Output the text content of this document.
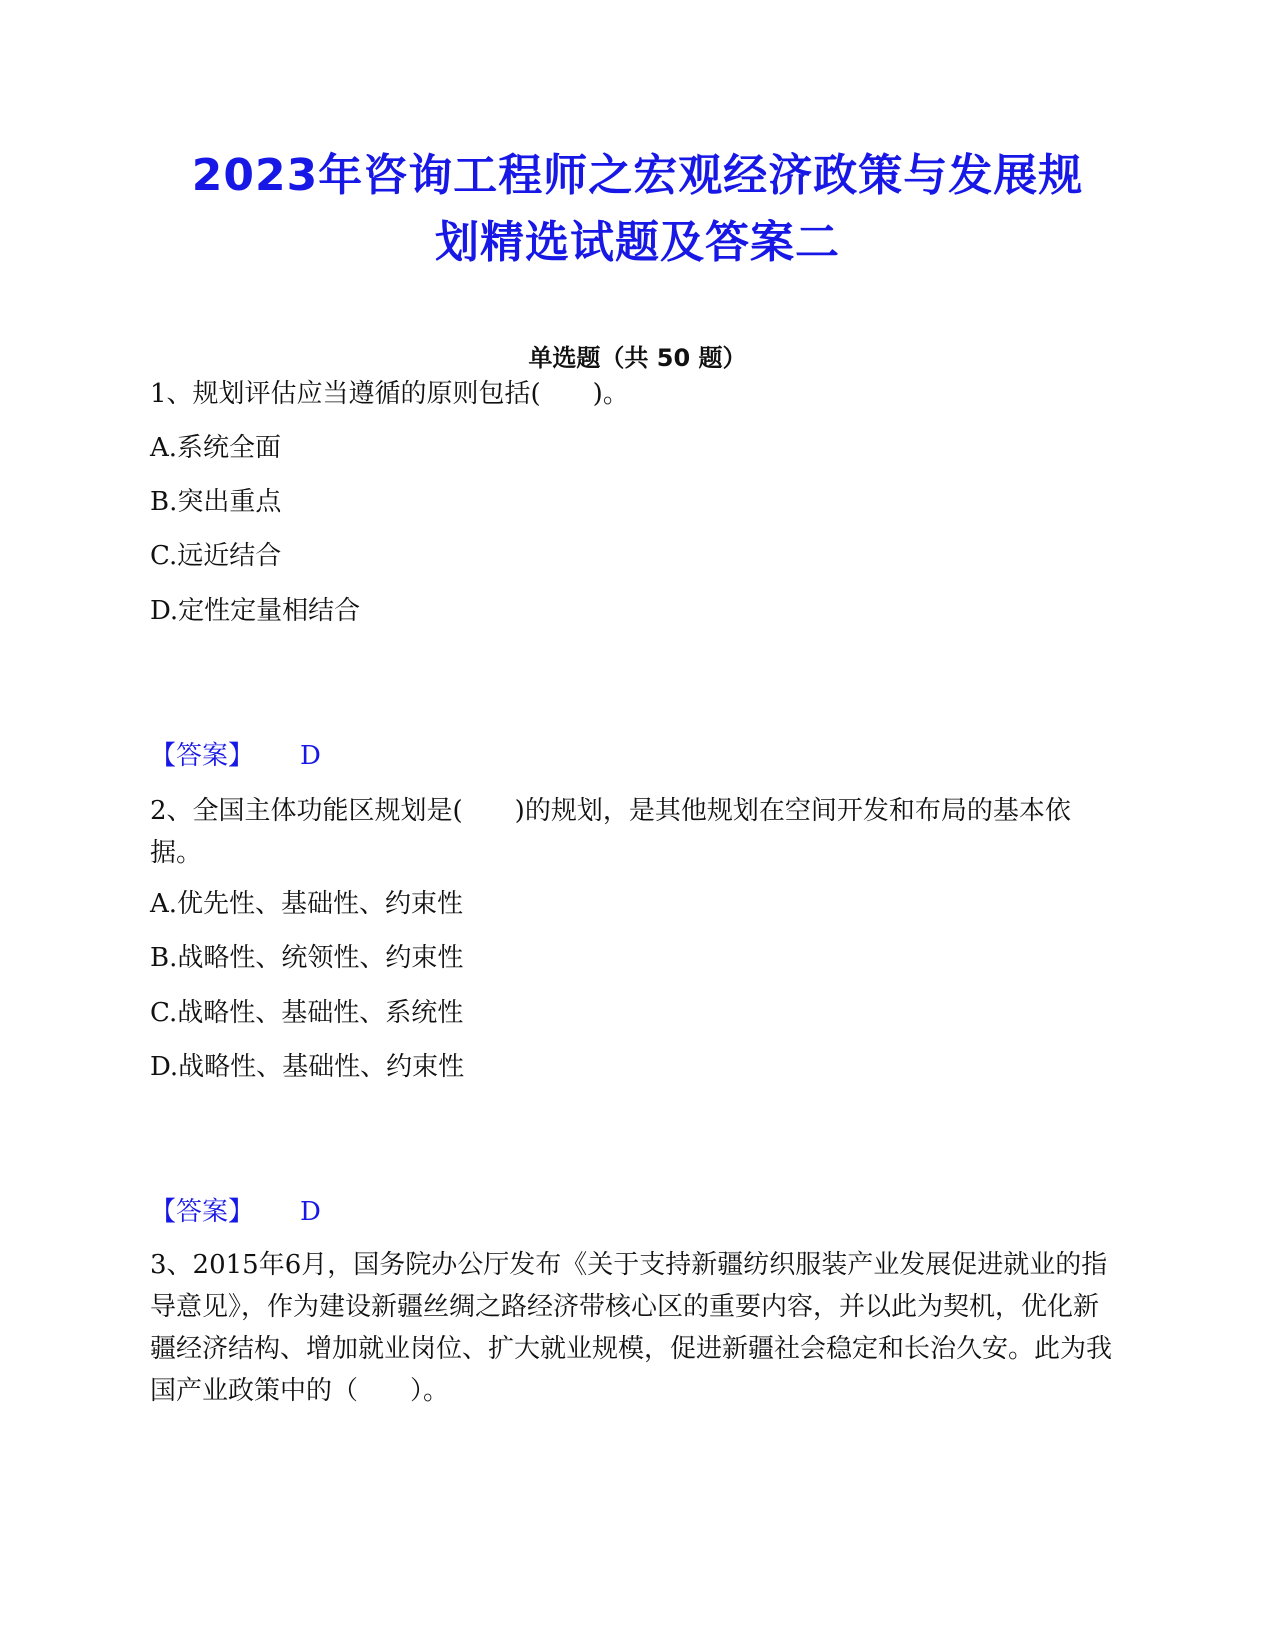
2023年咨询工程师之宏观经济政策与发展规
划精选试题及答案二
单选题（共 50 题）
1、规划评估应当遵循的原则包括(　　)。
A.系统全面
B.突出重点
C.远近结合
D.定性定量相结合
【答案】 D
2、全国主体功能区规划是(　　)的规划，是其他规划在空间开发和布局的基本依据。
A.优先性、基础性、约束性
B.战略性、统领性、约束性
C.战略性、基础性、系统性
D.战略性、基础性、约束性
【答案】 D
3、2015年6月，国务院办公厅发布《关于支持新疆纺织服装产业发展促进就业的指导意见》，作为建设新疆丝绸之路经济带核心区的重要内容，并以此为契机，优化新疆经济结构、增加就业岗位、扩大就业规模，促进新疆社会稳定和长治久安。此为我国产业政策中的（　　）。
